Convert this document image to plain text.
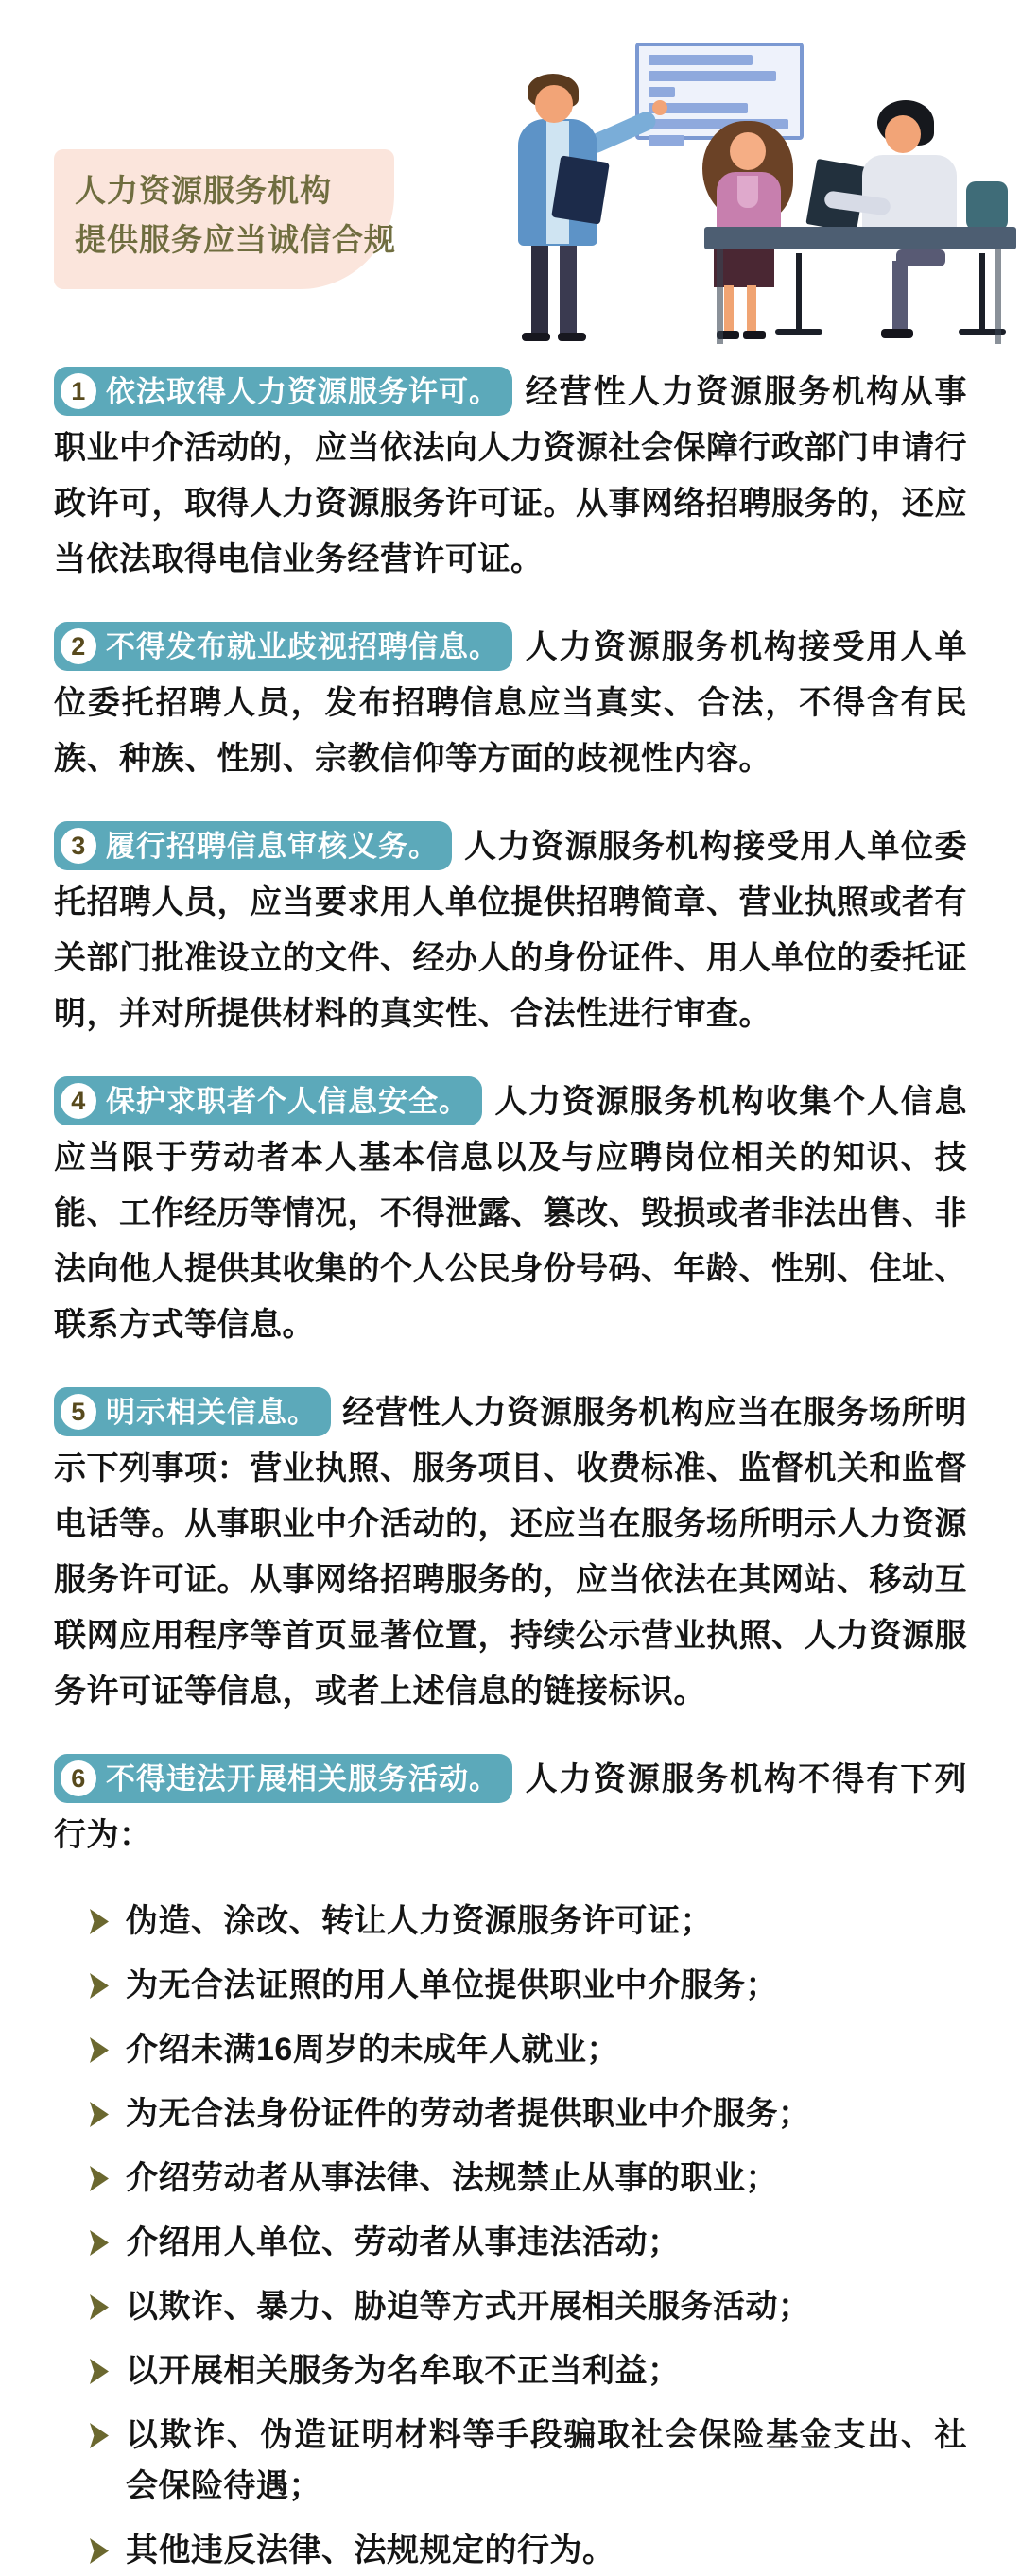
人力资源服务机构
提供服务应当诚信合规

1 依法取得人力资源服务许可。 经营性人力资源服务机构从事职业中介活动的，应当依法向人力资源社会保障行政部门申请行政许可，取得人力资源服务许可证。从事网络招聘服务的，还应当依法取得电信业务经营许可证。

2 不得发布就业歧视招聘信息。 人力资源服务机构接受用人单位委托招聘人员，发布招聘信息应当真实、合法，不得含有民族、种族、性别、宗教信仰等方面的歧视性内容。

3 履行招聘信息审核义务。 人力资源服务机构接受用人单位委托招聘人员，应当要求用人单位提供招聘简章、营业执照或者有关部门批准设立的文件、经办人的身份证件、用人单位的委托证明，并对所提供材料的真实性、合法性进行审查。

4 保护求职者个人信息安全。 人力资源服务机构收集个人信息应当限于劳动者本人基本信息以及与应聘岗位相关的知识、技能、工作经历等情况，不得泄露、篡改、毁损或者非法出售、非法向他人提供其收集的个人公民身份号码、年龄、性别、住址、联系方式等信息。

5 明示相关信息。 经营性人力资源服务机构应当在服务场所明示下列事项：营业执照、服务项目、收费标准、监督机关和监督电话等。从事职业中介活动的，还应当在服务场所明示人力资源服务许可证。从事网络招聘服务的，应当依法在其网站、移动互联网应用程序等首页显著位置，持续公示营业执照、人力资源服务许可证等信息，或者上述信息的链接标识。

6 不得违法开展相关服务活动。 人力资源服务机构不得有下列行为：

伪造、涂改、转让人力资源服务许可证；
为无合法证照的用人单位提供职业中介服务；
介绍未满16周岁的未成年人就业；
为无合法身份证件的劳动者提供职业中介服务；
介绍劳动者从事法律、法规禁止从事的职业；
介绍用人单位、劳动者从事违法活动；
以欺诈、暴力、胁迫等方式开展相关服务活动；
以开展相关服务为名牟取不正当利益；
以欺诈、伪造证明材料等手段骗取社会保险基金支出、社会保险待遇；
其他违反法律、法规规定的行为。
